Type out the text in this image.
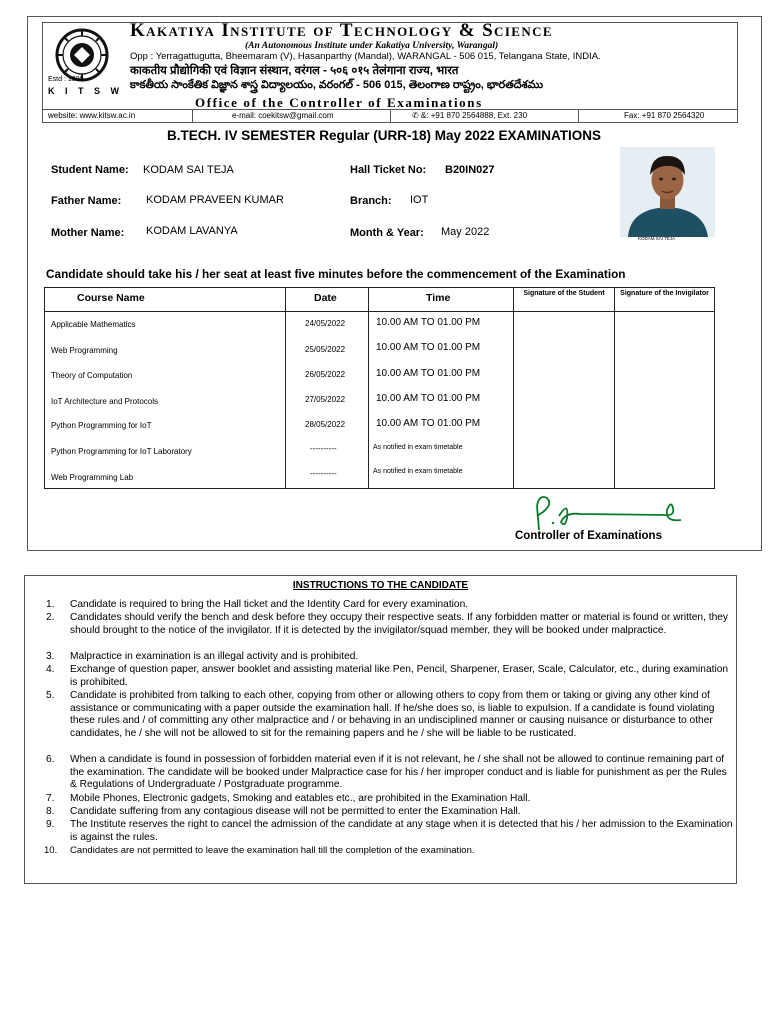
Estd : 1980
K I T S W
Kakatiya Institute of Technology & Science
(An Autonomous Institute under Kakatiya University, Warangal)
Opp : Yerragattugutta, Bheemaram (V), Hasanparthy (Mandal), WARANGAL - 506 015, Telangana State, INDIA.
काकतीय प्रौद्योगिकी एवं विज्ञान संस्थान, वरंगल - ५०६ ०१५ तेलंगाना राज्य, भारत
కాకతీయ సాంకేతిక విజ్ఞాన శాస్త్ర విద్యాలయం, వరంగల్ - 506 015, తెలంగాణ రాష్ట్రం, భారతదేశము
Office of the Controller of Examinations
website: www.kitsw.ac.in	e-mail: coekitsw@gmail.com	✆ &: +91 870 2564888, Ext. 230	Fax: +91 870 2564320
B.TECH. IV SEMESTER Regular (URR-18) May 2022 EXAMINATIONS
Student Name: KODAM SAI TEJA
Father Name: KODAM PRAVEEN KUMAR
Mother Name: KODAM LAVANYA
Hall Ticket No: B20IN027
Branch: IOT
Month & Year: May 2022
KODAM SAI TEJA
Candidate should take his / her seat at least five minutes before the commencement of the Examination
Course Name	Date	Time	Signature of the Student	Signature of the Invigilator
Applicable Mathematics	24/05/2022	10.00 AM TO 01.00 PM
Web Programming	25/05/2022	10.00 AM TO 01.00 PM
Theory of Computation	26/05/2022	10.00 AM TO 01.00 PM
IoT Architecture and Protocols	27/05/2022	10.00 AM TO 01.00 PM
Python Programming for IoT	28/05/2022	10.00 AM TO 01.00 PM
Python Programming for IoT Laboratory	----------	As notified in exam timetable
Web Programming Lab	----------	As notified in exam timetable
Controller of Examinations
INSTRUCTIONS TO THE CANDIDATE
1. Candidate is required to bring the Hall ticket and the Identity Card for every examination.
2. Candidates should verify the bench and desk before they occupy their respective seats. If any forbidden matter or material is found or written, they should brought to the notice of the invigilator. If it is detected by the invigilator/squad member, they will be booked under malpractice.
3. Malpractice in examination is an illegal activity and is prohibited.
4. Exchange of question paper, answer booklet and assisting material like Pen, Pencil, Sharpener, Eraser, Scale, Calculator, etc., during examination is prohibited.
5. Candidate is prohibited from talking to each other, copying from other or allowing others to copy from them or taking or giving any other kind of assistance or communicating with a paper outside the examination hall. If he/she does so, is liable to expulsion. If a candidate is found violating these rules and / of committing any other malpractice and / or behaving in an undisciplined manner or causing nuisance or disturbance to other candidates, he / she will not be allowed to sit for the remaining papers and he / she will be liable to be rusticated.
6. When a candidate is found in possession of forbidden material even if it is not relevant, he / she shall not be allowed to continue remaining part of the examination. The candidate will be booked under Malpractice case for his / her improper conduct and is liable for punishment as per the Rules & Regulations of Undergraduate / Postgraduate programme.
7. Mobile Phones, Electronic gadgets, Smoking and eatables etc., are prohibited in the Examination Hall.
8. Candidate suffering from any contagious disease will not be permitted to enter the Examination Hall.
9. The Institute reserves the right to cancel the admission of the candidate at any stage when it is detected that his / her admission to the Examination is against the rules.
10. Candidates are not permitted to leave the examination hall till the completion of the examination.
